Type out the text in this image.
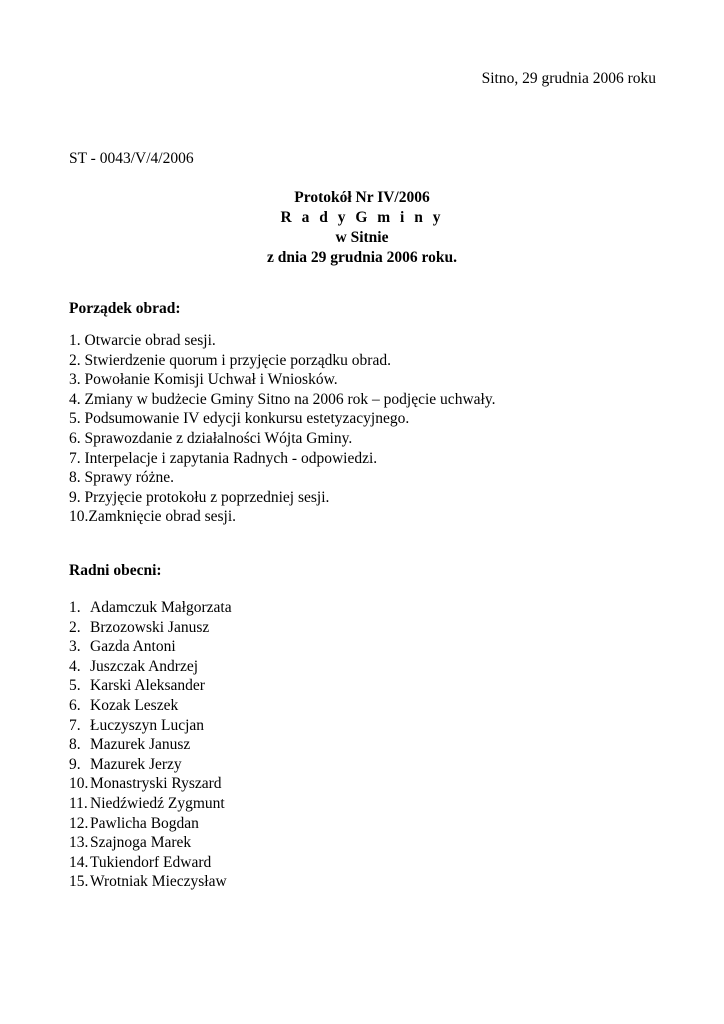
Sitno, 29 grudnia 2006 roku
ST - 0043/V/4/2006
Protokół Nr IV/2006
R a d y G m i n y
w Sitnie
z dnia 29 grudnia 2006 roku.
Porządek obrad:
1. Otwarcie obrad sesji.
2. Stwierdzenie quorum i przyjęcie porządku obrad.
3. Powołanie Komisji Uchwał i Wniosków.
4. Zmiany w budżecie Gminy Sitno na 2006 rok – podjęcie uchwały.
5. Podsumowanie IV edycji konkursu estetyzacyjnego.
6. Sprawozdanie z działalności Wójta Gminy.
7. Interpelacje i zapytania Radnych - odpowiedzi.
8. Sprawy różne.
9. Przyjęcie protokołu z poprzedniej sesji.
10.Zamknięcie obrad sesji.
Radni obecni:
1. Adamczuk Małgorzata
2. Brzozowski Janusz
3. Gazda Antoni
4. Juszczak Andrzej
5. Karski Aleksander
6. Kozak Leszek
7. Łuczyszyn Lucjan
8. Mazurek Janusz
9. Mazurek Jerzy
10. Monastryski Ryszard
11. Niedźwiedź Zygmunt
12. Pawlicha Bogdan
13. Szajnoga Marek
14. Tukiendorf Edward
15. Wrotniak Mieczysław
